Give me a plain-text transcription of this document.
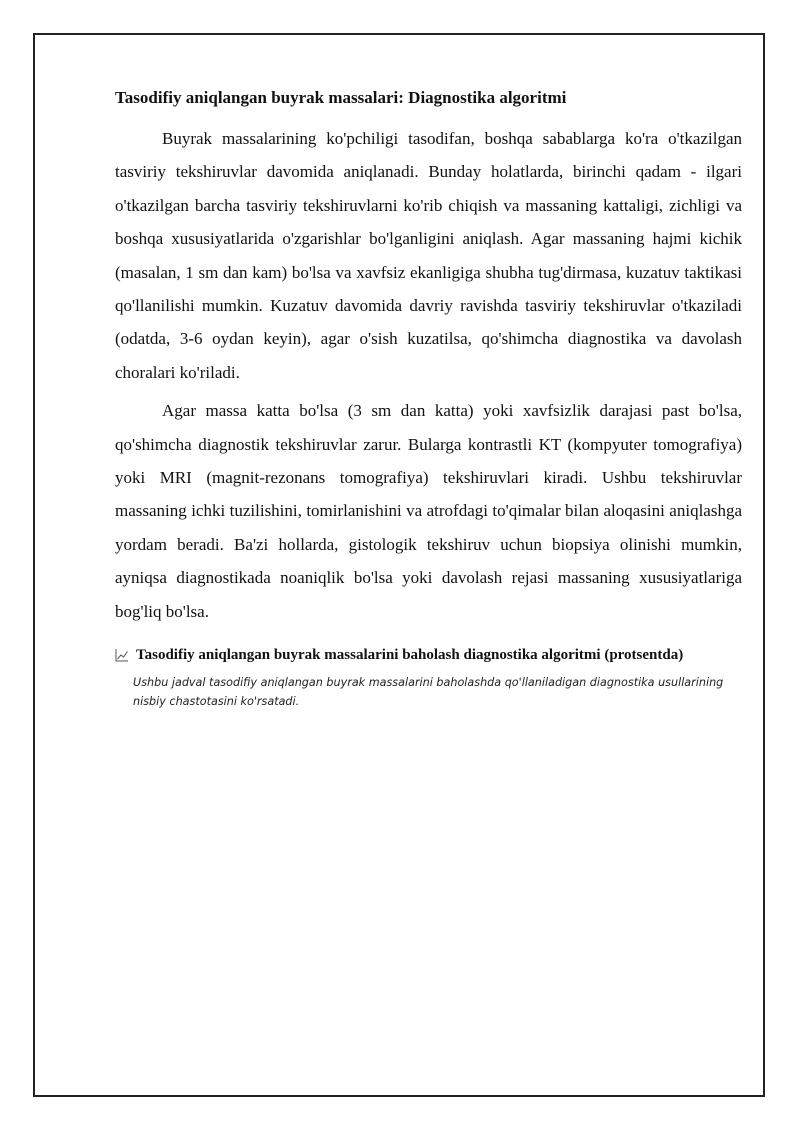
Tasodifiy aniqlangan buyrak massalari: Diagnostika algoritmi

Buyrak massalarining ko'pchiligi tasodifan, boshqa sabablarga ko'ra o'tkazilgan tasviriy tekshiruvlar davomida aniqlanadi. Bunday holatlarda, birinchi qadam - ilgari o'tkazilgan barcha tasviriy tekshiruvlarni ko'rib chiqish va massaning kattaligi, zichligi va boshqa xususiyatlarida o'zgarishlar bo'lganligini aniqlash. Agar massaning hajmi kichik (masalan, 1 sm dan kam) bo'lsa va xavfsiz ekanligiga shubha tug'dirmasa, kuzatuv taktikasi qo'llanilishi mumkin. Kuzatuv davomida davriy ravishda tasviriy tekshiruvlar o'tkaziladi (odatda, 3-6 oydan keyin), agar o'sish kuzatilsa, qo'shimcha diagnostika va davolash choralari ko'riladi.

Agar massa katta bo'lsa (3 sm dan katta) yoki xavfsizlik darajasi past bo'lsa, qo'shimcha diagnostik tekshiruvlar zarur. Bularga kontrastli KT (kompyuter tomografiya) yoki MRI (magnit-rezonans tomografiya) tekshiruvlari kiradi. Ushbu tekshiruvlar massaning ichki tuzilishini, tomirlanishini va atrofdagi to'qimalar bilan aloqasini aniqlashga yordam beradi. Ba'zi hollarda, gistologik tekshiruv uchun biopsiya olinishi mumkin, ayniqsa diagnostikada noaniqlik bo'lsa yoki davolash rejasi massaning xususiyatlariga bog'liq bo'lsa.

Tasodifiy aniqlangan buyrak massalarini baholash diagnostika algoritmi (protsentda)
Ushbu jadval tasodifiy aniqlangan buyrak massalarini baholashda qo'llaniladigan diagnostika usullarining nisbiy chastotasini ko'rsatadi.
